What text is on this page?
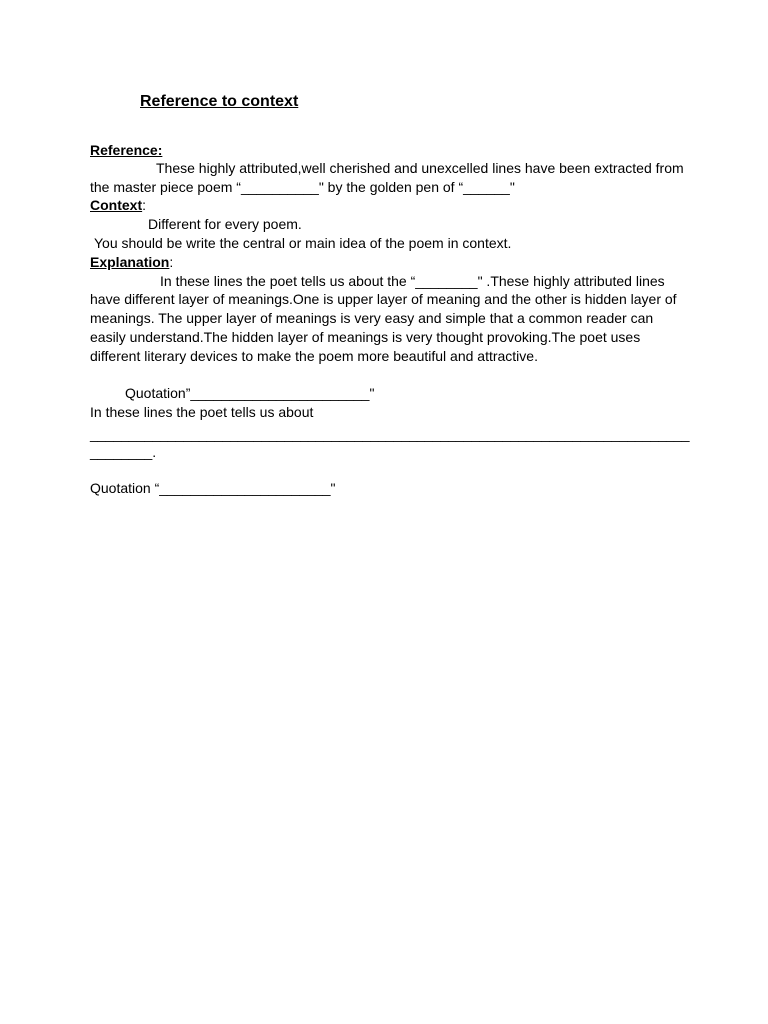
Reference to context
Reference:
These highly attributed,well cherished and unexcelled lines have been extracted from
the master piece poem “__________" by the golden pen of “______"
Context:
Different for every poem.
You should be write the central or main idea of the poem in context.
Explanation:
In these lines the poet tells us about the “________" .These highly attributed lines
have different layer of meanings.One is upper layer of meaning and the other is hidden layer of
meanings. The upper layer of meanings is very easy and simple that a common reader can
easily understand.The hidden layer of meanings is very thought provoking.The poet uses
different literary devices to make the poem more beautiful and attractive.
Quotation”_______________________"
In these lines the poet tells us about
_____________________________________________________________________________
________.
Quotation “______________________"
